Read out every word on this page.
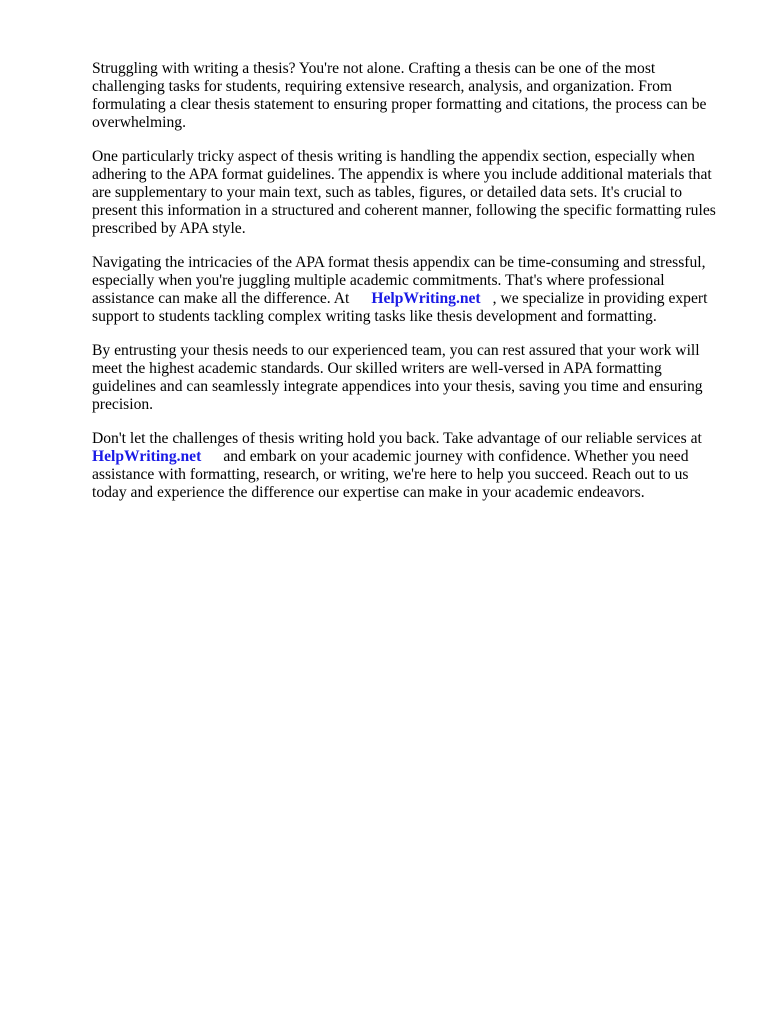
Struggling with writing a thesis? You're not alone. Crafting a thesis can be one of the most
challenging tasks for students, requiring extensive research, analysis, and organization. From
formulating a clear thesis statement to ensuring proper formatting and citations, the process can be
overwhelming.

One particularly tricky aspect of thesis writing is handling the appendix section, especially when
adhering to the APA format guidelines. The appendix is where you include additional materials that
are supplementary to your main text, such as tables, figures, or detailed data sets. It's crucial to
present this information in a structured and coherent manner, following the specific formatting rules
prescribed by APA style.

Navigating the intricacies of the APA format thesis appendix can be time-consuming and stressful,
especially when you're juggling multiple academic commitments. That's where professional
assistance can make all the difference. At HelpWriting.net , we specialize in providing expert
support to students tackling complex writing tasks like thesis development and formatting.

By entrusting your thesis needs to our experienced team, you can rest assured that your work will
meet the highest academic standards. Our skilled writers are well-versed in APA formatting
guidelines and can seamlessly integrate appendices into your thesis, saving you time and ensuring
precision.

Don't let the challenges of thesis writing hold you back. Take advantage of our reliable services at
HelpWriting.net and embark on your academic journey with confidence. Whether you need
assistance with formatting, research, or writing, we're here to help you succeed. Reach out to us
today and experience the difference our expertise can make in your academic endeavors.
